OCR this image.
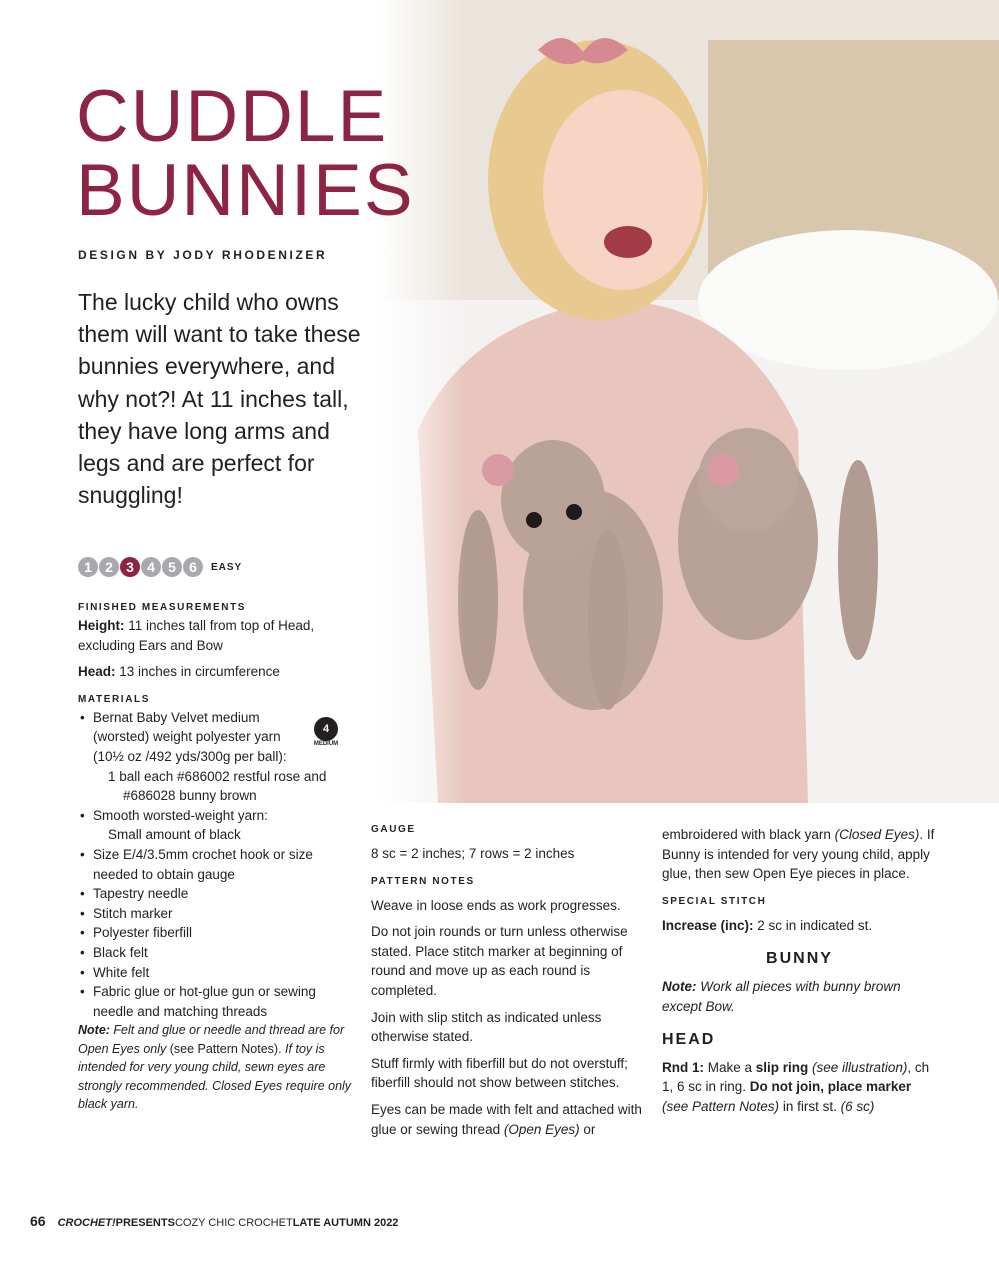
CUDDLE
BUNNIES
DESIGN BY JODY RHODENIZER

The lucky child who owns them will want to take these bunnies everywhere, and why not?! At 11 inches tall, they have long arms and legs and are perfect for snuggling!

1 2 3 4 5 6	EASY
4
MEDIUM

FINISHED MEASUREMENTS

Height: 11 inches tall from top of Head, excluding Ears and Bow

Head: 13 inches in circumference

MATERIALS

• Bernat Baby Velvet medium
(worsted) weight polyester yarn
(10½ oz /492 yds/300g per ball):
1 ball each #686002 restful rose and
#686028 bunny brown
• Smooth worsted-weight yarn:
Small amount of black
• Size E/4/3.5mm crochet hook or size
needed to obtain gauge
• Tapestry needle
• Stitch marker
• Polyester fiberfill
• Black felt
• White felt
• Fabric glue or hot-glue gun or sewing
needle and matching threads

Note: Felt and glue or needle and thread are for Open Eyes only (see Pattern Notes). If toy is intended for very young child, sewn eyes are strongly recommended. Closed Eyes require only black yarn.

GAUGE

8 sc = 2 inches; 7 rows = 2 inches

PATTERN NOTES

Weave in loose ends as work progresses.

Do not join rounds or turn unless otherwise stated. Place stitch marker at beginning of round and move up as each round is completed.

Join with slip stitch as indicated unless otherwise stated.

Stuff firmly with fiberfill but do not overstuff; fiberfill should not show between stitches.

Eyes can be made with felt and attached with glue or sewing thread (Open Eyes) or

embroidered with black yarn (Closed Eyes). If Bunny is intended for very young child, apply glue, then sew Open Eye pieces in place.

SPECIAL STITCH

Increase (inc): 2 sc in indicated st.

BUNNY

Note: Work all pieces with bunny brown except Bow.

HEAD

Rnd 1: Make a slip ring (see illustration), ch 1, 6 sc in ring. Do not join, place marker (see Pattern Notes) in first st. (6 sc)

66 CROCHET! PRESENTS COZY CHIC CROCHET LATE AUTUMN 2022
